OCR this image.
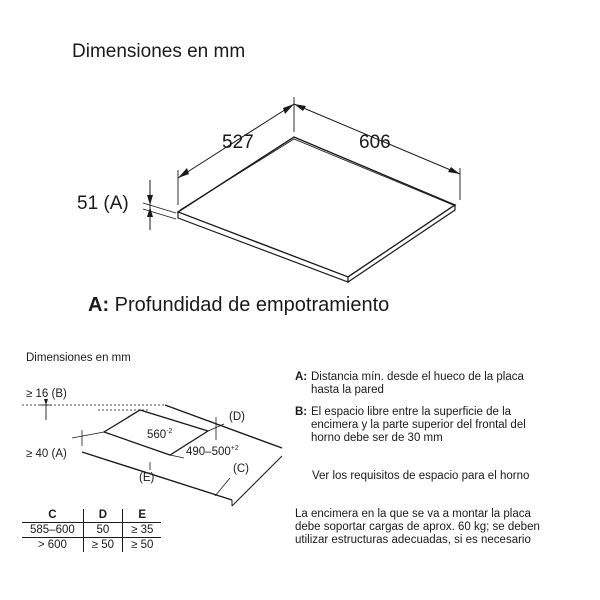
Dimensiones en mm
527	606
51 (A)
A: Profundidad de empotramiento
Dimensiones en mm
≥ 16 (B)
≥ 40 (A)
$560^{-2}$
$490-500^{+2}$
(D)
(E)
(C)
C	D	E
585–600	50	≥ 35
> 600	≥ 50	≥ 50
A: Distancia mín. desde el hueco de la placa hasta la pared
B: El espacio libre entre la superficie de la encimera y la parte superior del frontal del horno debe ser de 30 mm
Ver los requisitos de espacio para el horno
La encimera en la que se va a montar la placa debe soportar cargas de aprox. 60 kg; se deben utilizar estructuras adecuadas, si es necesario
